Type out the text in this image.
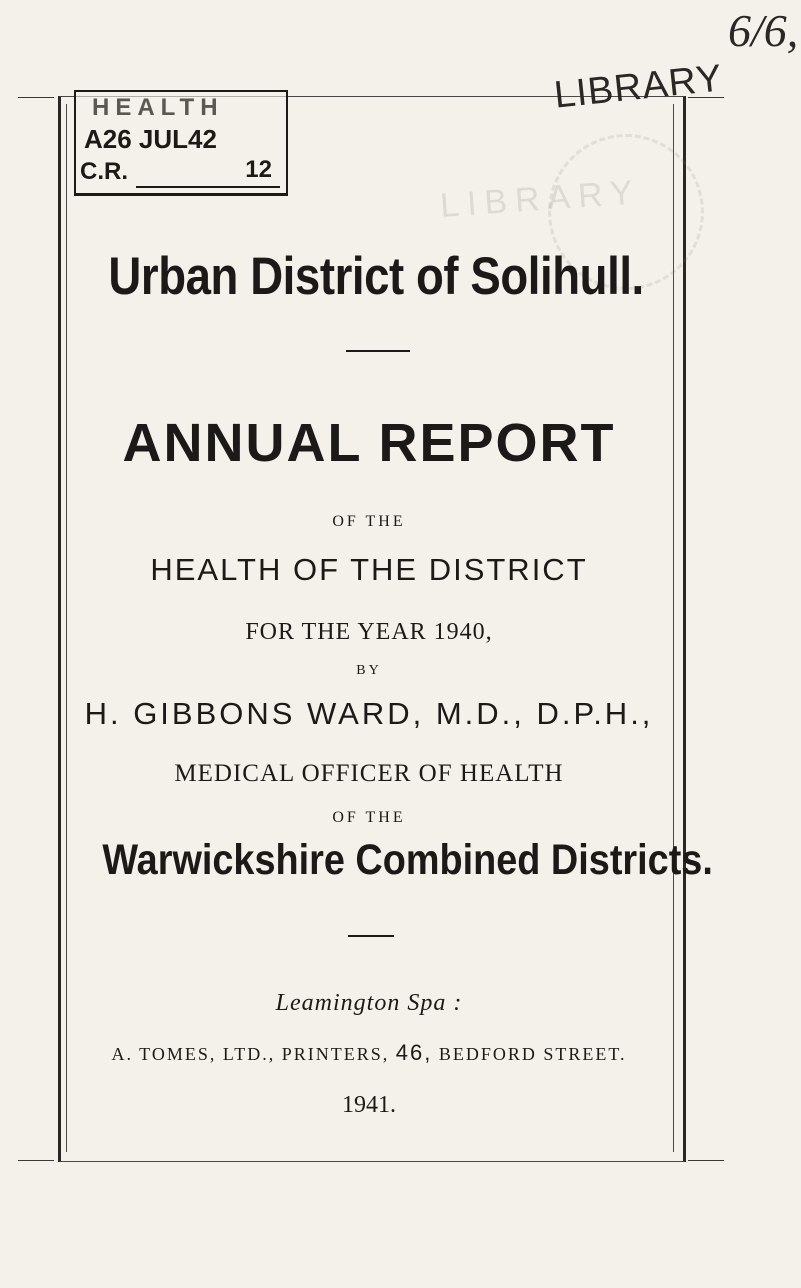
LIBRARY
HEALTH
A26 JUL42
C.R.	12
LIBRARY
6/6,
Urban District of Solihull.
ANNUAL REPORT
OF THE
HEALTH OF THE DISTRICT
FOR THE YEAR 1940,
BY
H. GIBBONS WARD, M.D., D.P.H.,
MEDICAL OFFICER OF HEALTH
OF THE
Warwickshire Combined Districts.
Leamington Spa :
A. TOMES, LTD., PRINTERS, 46, BEDFORD STREET.
1941.
